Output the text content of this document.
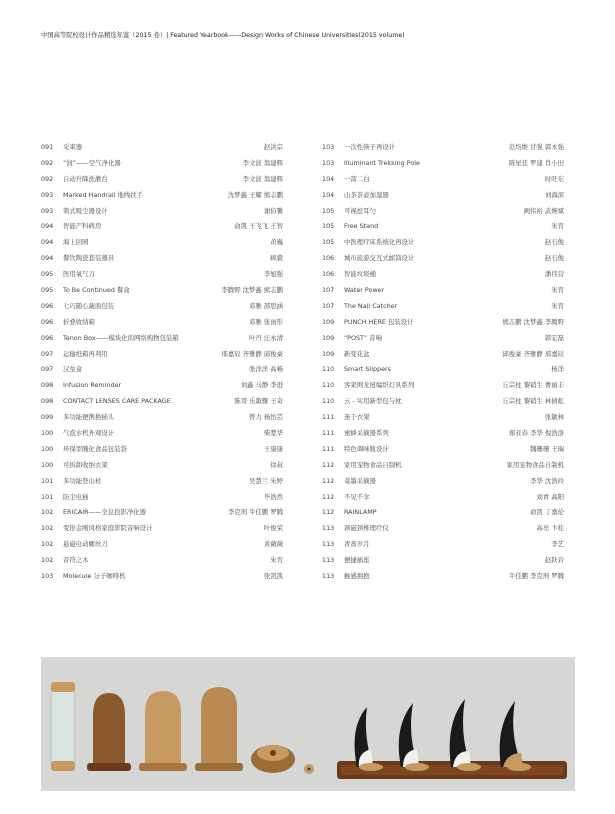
中国高等院校设计作品精选年鉴（2015 卷）| Featured Yearbook——Design Works of Chinese Universities(2015 volume)
091	采束器	赵洪宗
092	“润”——空气净化器	李文波 翁建辉
092	自动升降洗漱台	李文波 翁建辉
093	Marked Handrail 地线扶手	沈梦鑫 王耀 熊志鹏
093	简式吸尘器设计	谢伯馨
094	智能产科病房	俞凯 王飞飞 王智
094	海上回园	黄巍
094	餐饮陶瓷套装器具	顾毅
095	医用氧气刀	李旭强
095	To Be Continued 餐盒	李腾野 沈梦鑫 熊志鹏
096	七巧随心蔬面包装	邓雅 邵思涵
096	折叠收纳箱	邓雅 张雨彤
096	Tenon Box——模块化的网络购物包装箱	叶丹 汪永清
097	运输纸箱再利用	邢嘉辰 齐雅静 邱俊豪
097	汉垒盒	张洋洋 高畅
098	Infusion Reminder	刘鑫 马静 李进
098	CONTACT LENSES CARE PACKAGE	陈哥 乐越骤 王奇
099	多功能便携换插头	曾力 杨怡芸
100	气泡水机外观设计	柴楚华
100	环保型腌化食品包装袋	王康康
100	可拆卸收纳衣架	徐叔
101	多功能登山杖	吴慧兰 朱婷
101	防尘电插	毕浩然
102	ERICAIR——全息投影净化器	李克刑 牛佳鹏 罗腾
102	变形金刚风格家庭影院音响设计	叶俊荣
102	悬磁电动螺丝刀	黄薇薇
102	音符之木	朱宵
103	Molecule 分子咖啡机	张凯凯
103	一次性筷子再设计	范均维 甘强 郭永强
103	Illuminant Trekking Pole	陈星廷 罗建 肖小田
104	一箭二白	时旺东
104	山茶茶壶加湿器	刘海滨
105	可视挖耳勺	阙伟裕 武婉斌
105	Free Stand	朱宵
105	中医理疗床系统化再设计	赵石俊
106	城市旅游交互式邮筒设计	赵石俊
106	智能垃圾桶	潘伟营
107	Water Power	朱宵
107	The Nail Catcher	朱宵
109	PUNCH HERE 包装设计	熊志鹏 沈梦鑫 李腾野
109	“POST” 音响	郭宏磊
109	新变花盆	邱俊豪 齐雅静 邢嘉辰
110	Smart Slippers	杨洋
110	客家围龙屋编织灯具系列	丘宗柱 黎销生 曹丽丰
110	云 - 实用新型包与枕	丘宗柱 黎销生 林倩虹
111	迷于衣架	张敏林
111	蜜蜂采摘器系列	郑亚春 李华 倪浩洛
111	特色调味瓶设计	魏珊珊 王瑞
112	家用宠物食品自制机	家用宠物食品自制机
112	菜墨采摘器	李华 沈浩玲
112	不见不伞	刘青 高阳
112	RAINLAMP	俞凯 丁嘉伦
113	颈磁颈椎理疗仪	高亮 卞桂
113	青蔷岁月	李艺
113	便捷插座	赵跃岩
113	触感拥抱	牛佳鹏 李克刑 罗腾
